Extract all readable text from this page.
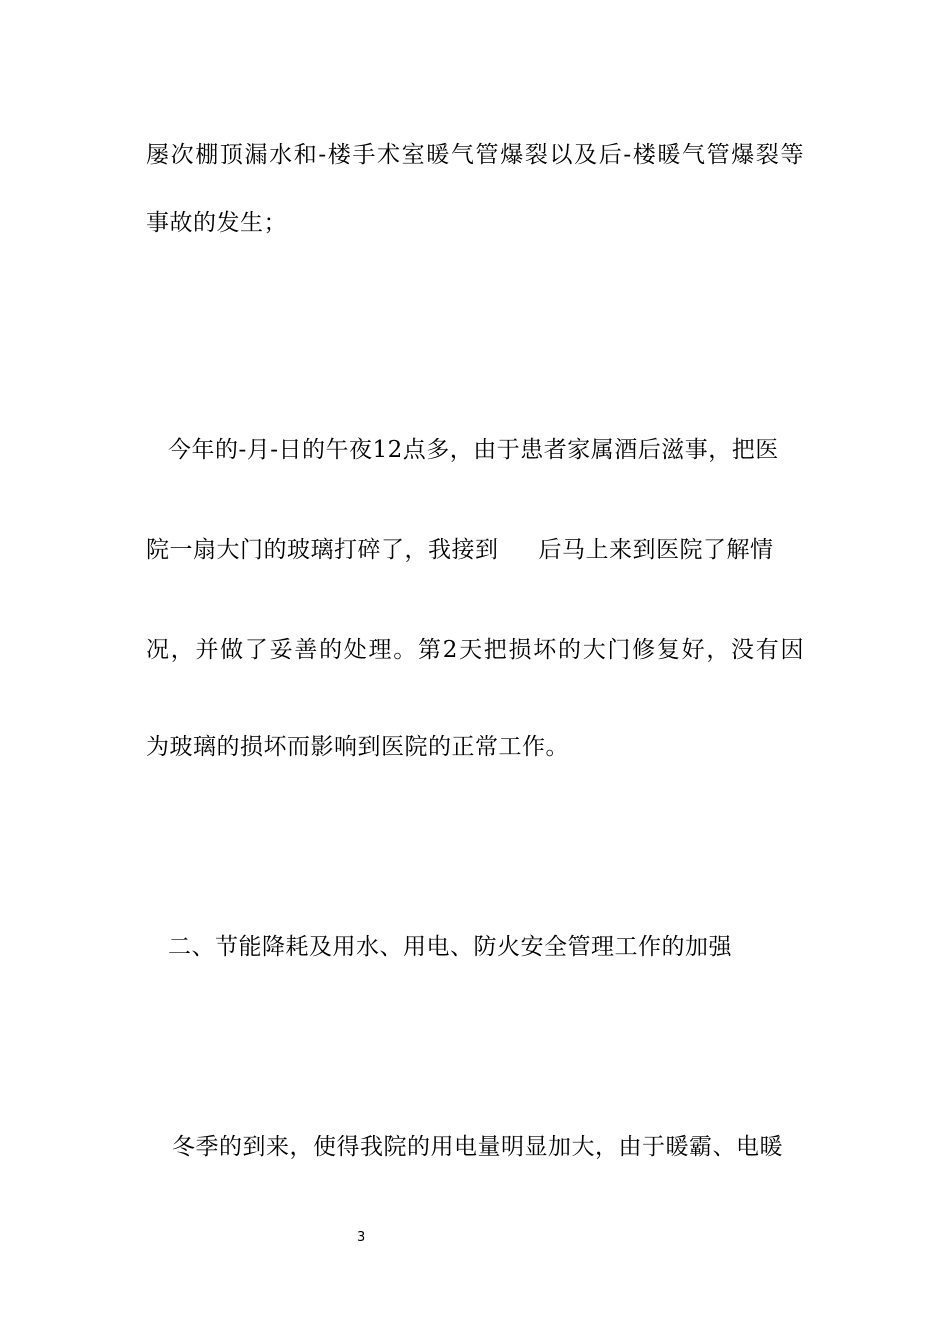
屡次棚顶漏水和-楼手术室暖气管爆裂以及后-楼暖气管爆裂等
事故的发生；
今年的-月-日的午夜12点多，由于患者家属酒后滋事，把医
院一扇大门的玻璃打碎了，我接到 后马上来到医院了解情
况，并做了妥善的处理。第2天把损坏的大门修复好，没有因
为玻璃的损坏而影响到医院的正常工作。
二、节能降耗及用水、用电、防火安全管理工作的加强
冬季的到来，使得我院的用电量明显加大，由于暖霸、电暖
3
